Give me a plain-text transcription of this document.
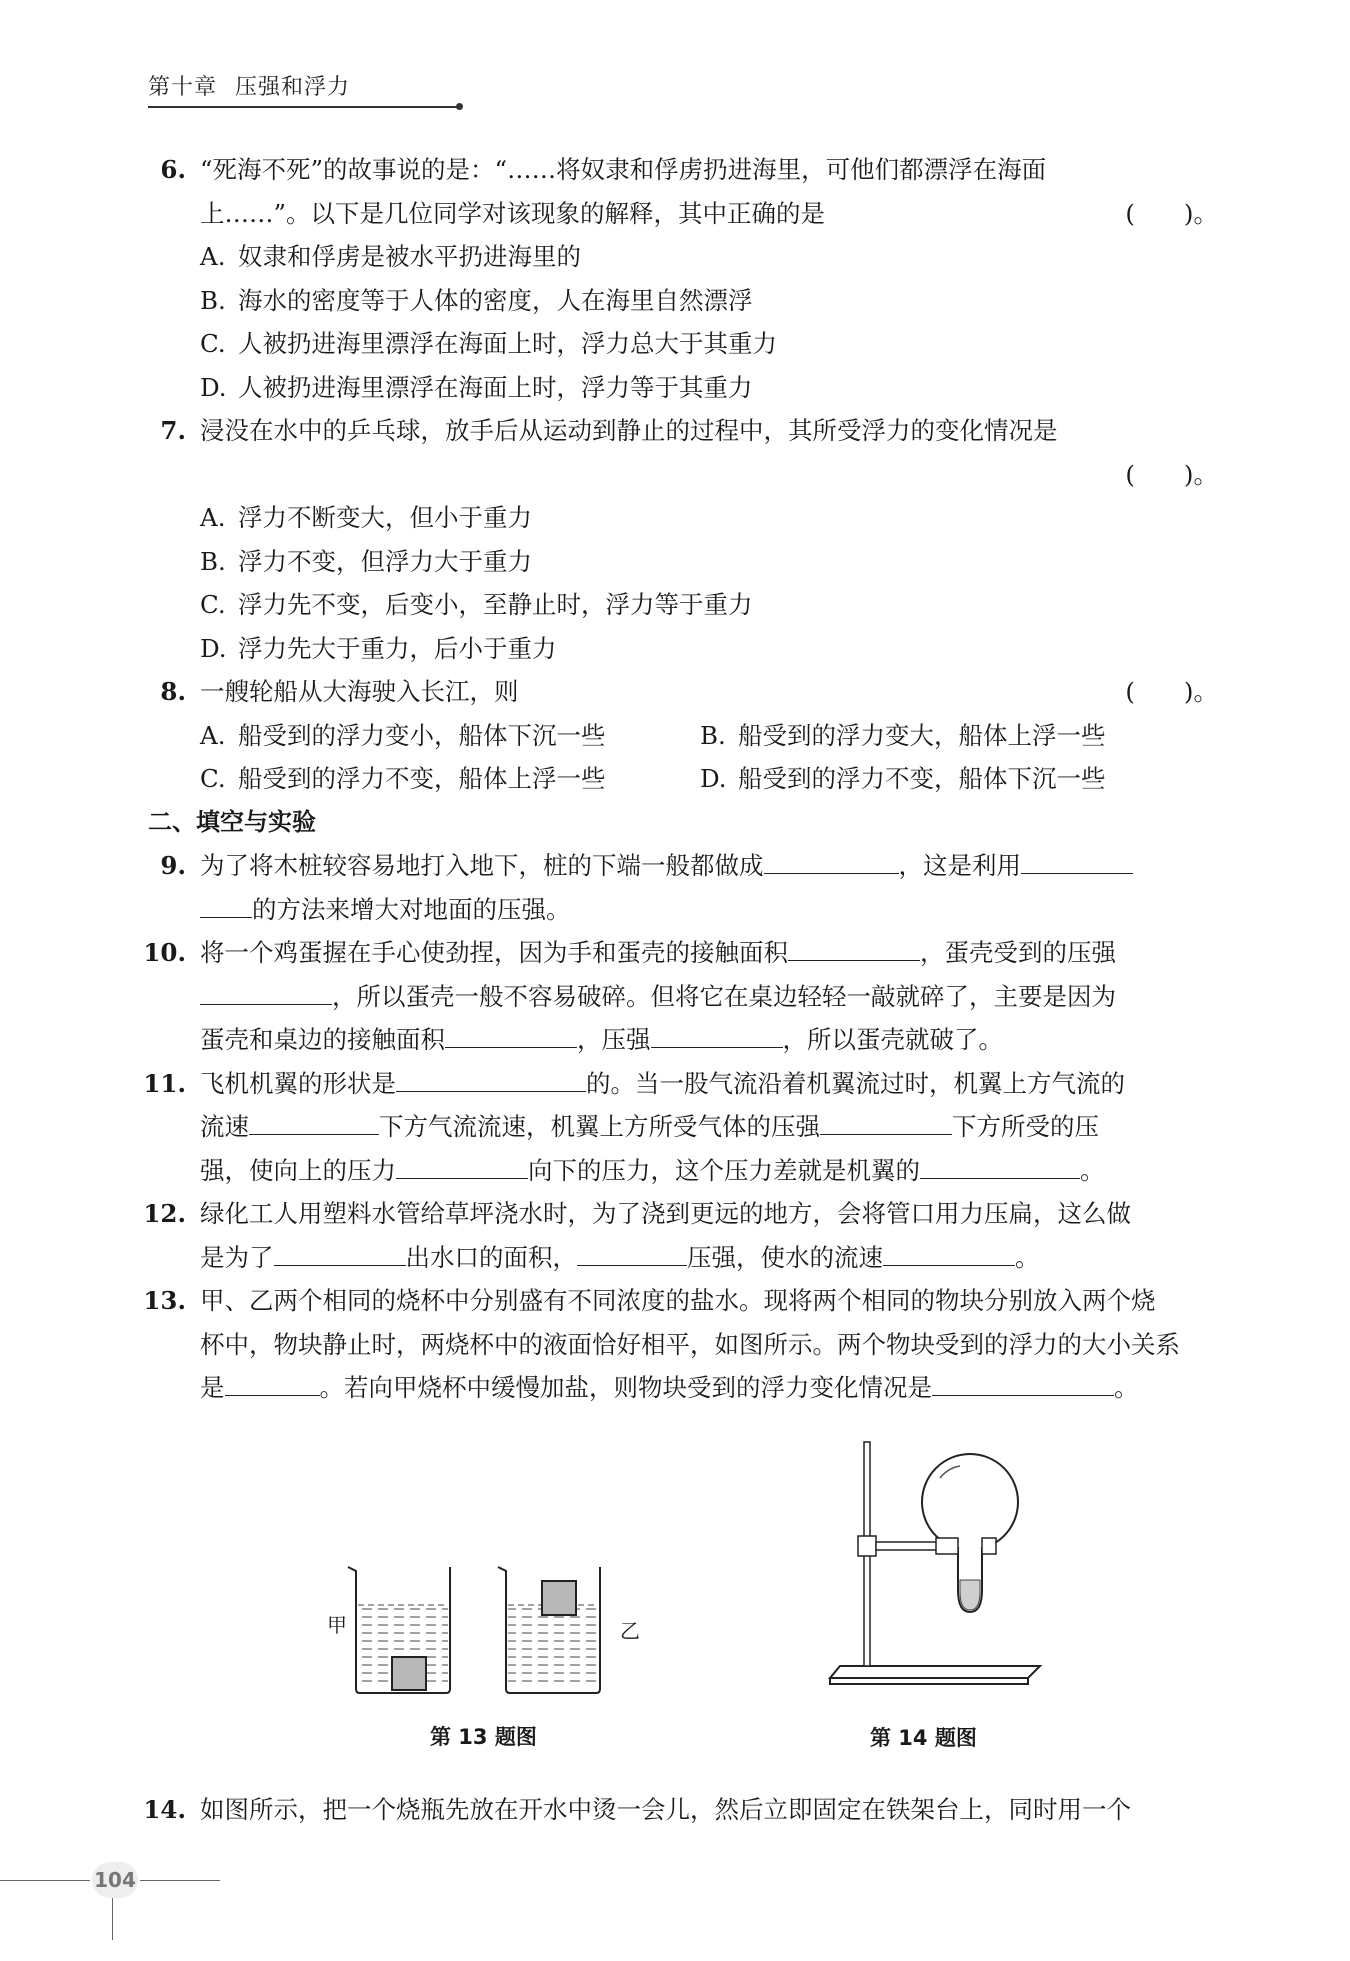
第十章 压强和浮力
6. “死海不死”的故事说的是：“……将奴隶和俘虏扔进海里，可他们都漂浮在海面
上……”。以下是几位同学对该现象的解释，其中正确的是	(　　)。
A. 奴隶和俘虏是被水平扔进海里的
B. 海水的密度等于人体的密度，人在海里自然漂浮
C. 人被扔进海里漂浮在海面上时，浮力总大于其重力
D. 人被扔进海里漂浮在海面上时，浮力等于其重力
7. 浸没在水中的乒乓球，放手后从运动到静止的过程中，其所受浮力的变化情况是
(　　)。
A. 浮力不断变大，但小于重力
B. 浮力不变，但浮力大于重力
C. 浮力先不变，后变小，至静止时，浮力等于重力
D. 浮力先大于重力，后小于重力
8. 一艘轮船从大海驶入长江，则	(　　)。
A. 船受到的浮力变小，船体下沉一些	B. 船受到的浮力变大，船体上浮一些
C. 船受到的浮力不变，船体上浮一些	D. 船受到的浮力不变，船体下沉一些
二、填空与实验
9. 为了将木桩较容易地打入地下，桩的下端一般都做成	，这是利用
的方法来增大对地面的压强。
10. 将一个鸡蛋握在手心使劲捏，因为手和蛋壳的接触面积	，蛋壳受到的压强
，所以蛋壳一般不容易破碎。但将它在桌边轻轻一敲就碎了，主要是因为
蛋壳和桌边的接触面积	，压强	，所以蛋壳就破了。
11. 飞机机翼的形状是	的。当一股气流沿着机翼流过时，机翼上方气流的
流速	下方气流流速，机翼上方所受气体的压强	下方所受的压
强，使向上的压力	向下的压力，这个压力差就是机翼的	。
12. 绿化工人用塑料水管给草坪浇水时，为了浇到更远的地方，会将管口用力压扁，这么做
是为了	出水口的面积，	压强，使水的流速	。
13. 甲、乙两个相同的烧杯中分别盛有不同浓度的盐水。现将两个相同的物块分别放入两个烧
杯中，物块静止时，两烧杯中的液面恰好相平，如图所示。两个物块受到的浮力的大小关系
是	。若向甲烧杯中缓慢加盐，则物块受到的浮力变化情况是	。
甲	乙
第 13 题图	第 14 题图
14. 如图所示，把一个烧瓶先放在开水中烫一会儿，然后立即固定在铁架台上，同时用一个
104
